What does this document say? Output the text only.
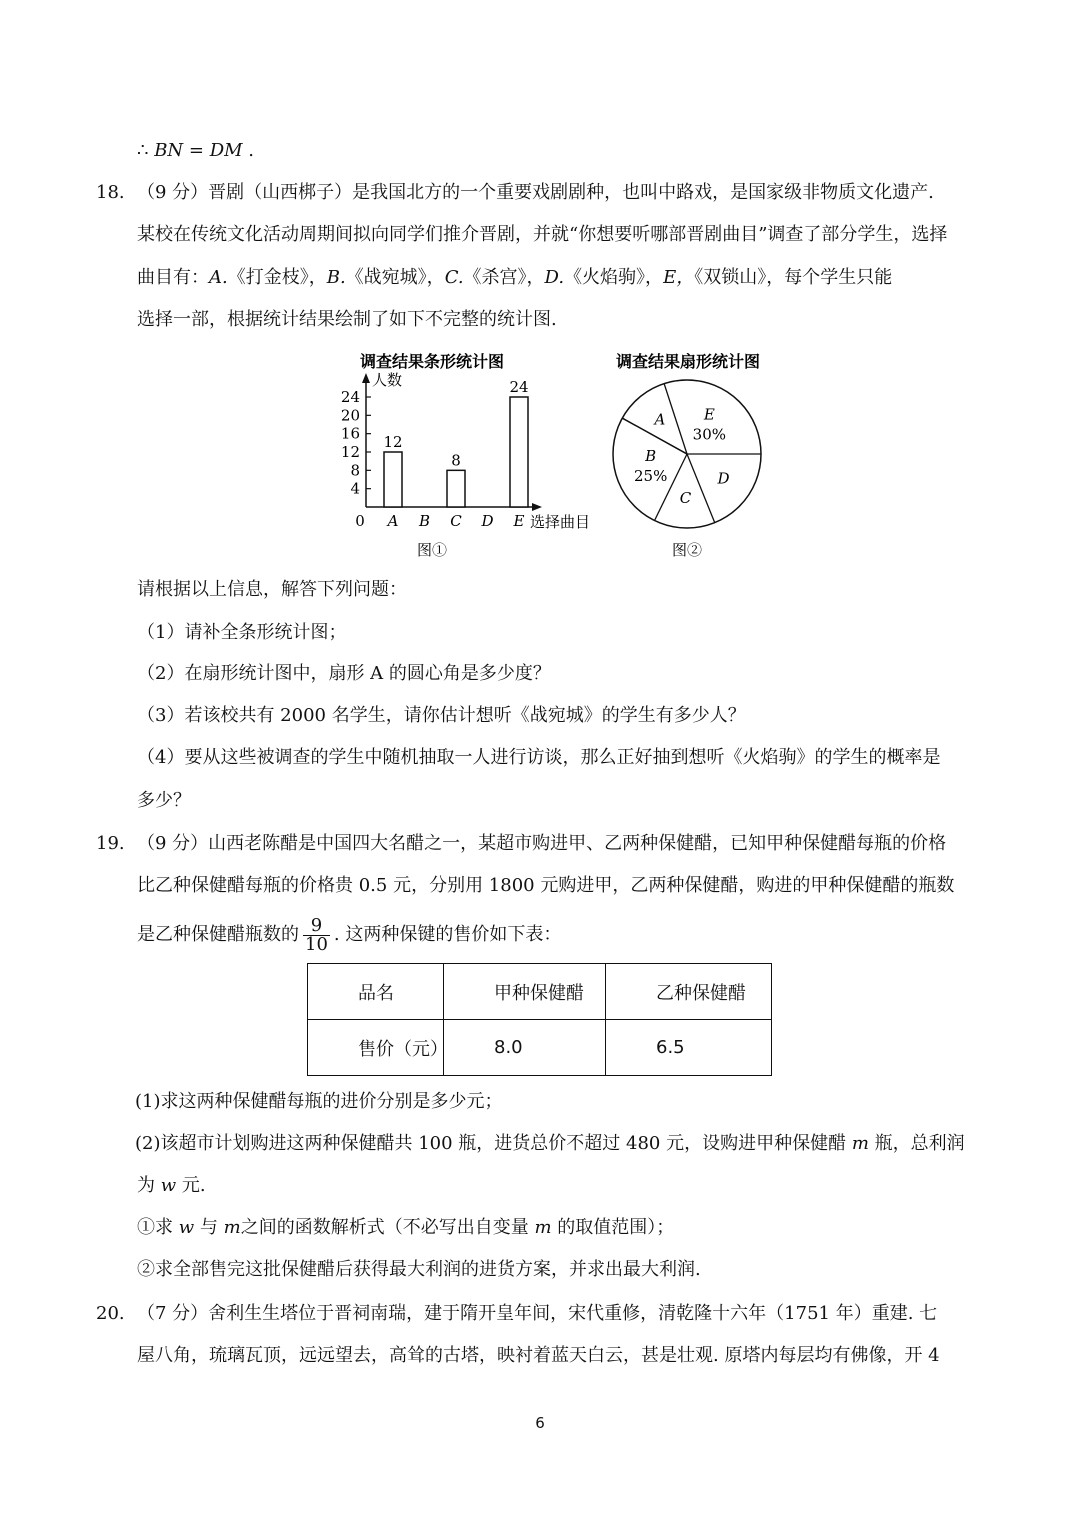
∴ BN = DM .
18. （9 分）晋剧（山西梆子）是我国北方的一个重要戏剧剧种，也叫中路戏，是国家级非物质文化遗产.
某校在传统文化活动周期间拟向同学们推介晋剧，并就“你想要听哪部晋剧曲目”调查了部分学生，选择
曲目有：A.《打金枝》，B.《战宛城》，C.《杀宫》，D.《火焰驹》，E，《双锁山》，每个学生只能
选择一部，根据统计结果绘制了如下不完整的统计图.
调查结果条形统计图
人数
0	选择曲目
图①
4
8
12
16
20
24
A
12
B C
8
D E
24
调查结果扇形统计图
图②
A	E
30%
D
C
B
25%
请根据以上信息，解答下列问题：
（1）请补全条形统计图；
（2）在扇形统计图中，扇形 A 的圆心角是多少度？
（3）若该校共有 2000 名学生，请你估计想听《战宛城》的学生有多少人？
（4）要从这些被调查的学生中随机抽取一人进行访谈，那么正好抽到想听《火焰驹》的学生的概率是
多少？
19. （9 分）山西老陈醋是中国四大名醋之一，某超市购进甲、乙两种保健醋，已知甲种保健醋每瓶的价格
比乙种保健醋每瓶的价格贵 0.5 元，分别用 1800 元购进甲，乙两种保健醋，购进的甲种保健醋的瓶数
是乙种保健醋瓶数的 $\frac{9}{10}$ . 这两种保键的售价如下表：
品名	甲种保健醋	乙种保健醋
售价（元）	8.0	6.5
(1)求这两种保健醋每瓶的进价分别是多少元；
(2)该超市计划购进这两种保健醋共 100 瓶，进货总价不超过 480 元，设购进甲种保健醋 m 瓶，总利润
为 w 元.
①求 w 与 m之间的函数解析式（不必写出自变量 m 的取值范围）；
②求全部售完这批保健醋后获得最大利润的进货方案，并求出最大利润.
20. （7 分）舍利生生塔位于晋祠南瑞，建于隋开皇年间，宋代重修，清乾隆十六年（1751 年）重建. 七
屋八角，琉璃瓦顶，远远望去，高耸的古塔，映衬着蓝天白云，甚是壮观. 原塔内每层均有佛像，开 4
6
